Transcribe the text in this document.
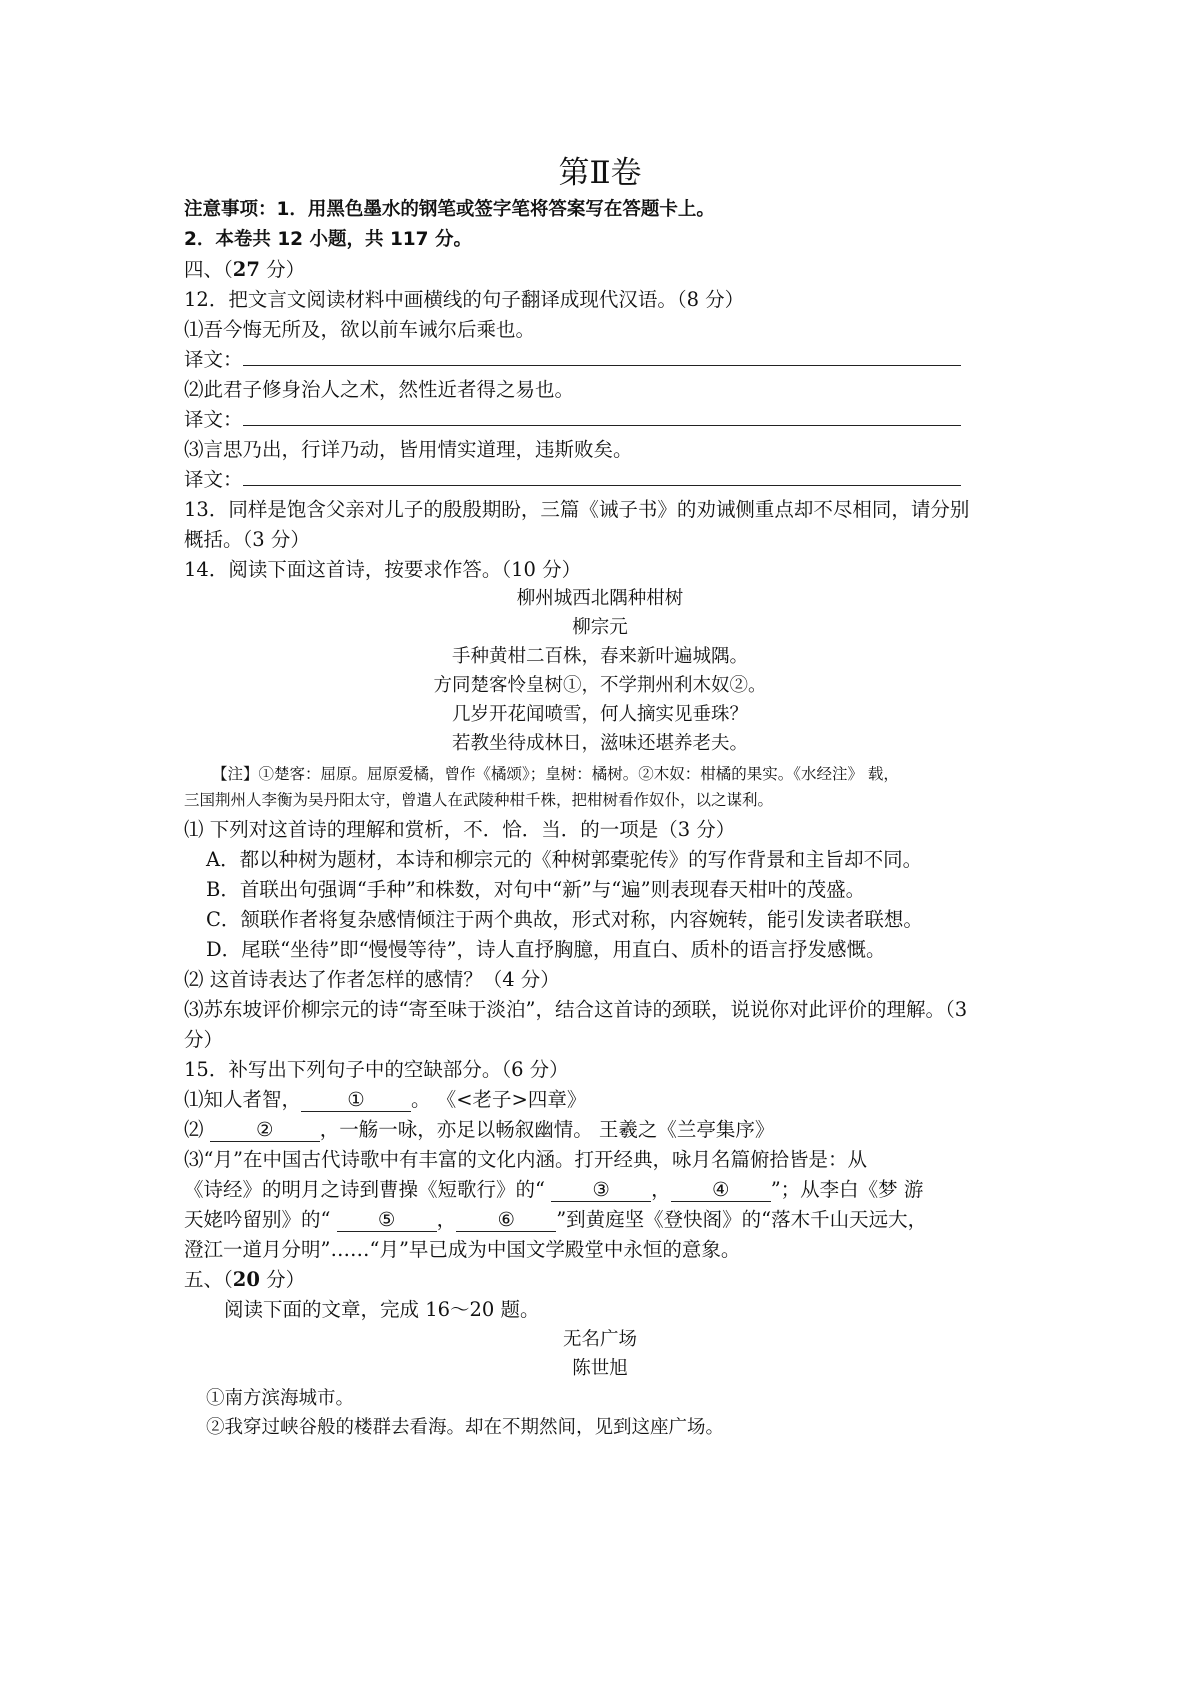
第Ⅱ卷
注意事项：1．用黑色墨水的钢笔或签字笔将答案写在答题卡上。
2．本卷共 12 小题，共 117 分。
四、（27 分）
12．把文言文阅读材料中画横线的句子翻译成现代汉语。（8 分）
⑴吾今悔无所及，欲以前车诫尔后乘也。
译文：
⑵此君子修身治人之术，然性近者得之易也。
译文：
⑶言思乃出，行详乃动，皆用情实道理，违斯败矣。
译文：
13．同样是饱含父亲对儿子的殷殷期盼，三篇《诫子书》的劝诫侧重点却不尽相同，请分别
概括。（3 分）
14．阅读下面这首诗，按要求作答。（10 分）
柳州城西北隅种柑树
柳宗元
手种黄柑二百株，春来新叶遍城隅。
方同楚客怜皇树①，不学荆州利木奴②。
几岁开花闻喷雪，何人摘实见垂珠？
若教坐待成林日，滋味还堪养老夫。
【注】①楚客：屈原。屈原爱橘，曾作《橘颂》；皇树：橘树。②木奴：柑橘的果实。《水经注》 载，
三国荆州人李衡为吴丹阳太守，曾遣人在武陵种柑千株，把柑树看作奴仆，以之谋利。
⑴ 下列对这首诗的理解和赏析，不．恰．当．的一项是（3 分）
A．都以种树为题材，本诗和柳宗元的《种树郭橐驼传》的写作背景和主旨却不同。
B．首联出句强调“手种”和株数，对句中“新”与“遍”则表现春天柑叶的茂盛。
C．颔联作者将复杂感情倾注于两个典故，形式对称，内容婉转，能引发读者联想。
D．尾联“坐待”即“慢慢等待”，诗人直抒胸臆，用直白、质朴的语言抒发感慨。
⑵ 这首诗表达了作者怎样的感情？（4 分）
⑶苏东坡评价柳宗元的诗“寄至味于淡泊”，结合这首诗的颈联，说说你对此评价的理解。（3
分）
15．补写出下列句子中的空缺部分。（6 分）
⑴知人者智， ① 。 《<老子>四章》
⑵ ② ，一觞一咏，亦足以畅叙幽情。 王羲之《兰亭集序》
⑶“月”在中国古代诗歌中有丰富的文化内涵。打开经典，咏月名篇俯拾皆是：从
《诗经》的明月之诗到曹操《短歌行》的“ ③ ， ④ ”；从李白《梦 游
天姥吟留别》的“ ⑤ ， ⑥ ”到黄庭坚《登快阁》的“落木千山天远大，
澄江一道月分明”……“月”早已成为中国文学殿堂中永恒的意象。
五、（20 分）
阅读下面的文章，完成 16～20 题。
无名广场
陈世旭
①南方滨海城市。
②我穿过峡谷般的楼群去看海。却在不期然间，见到这座广场。
